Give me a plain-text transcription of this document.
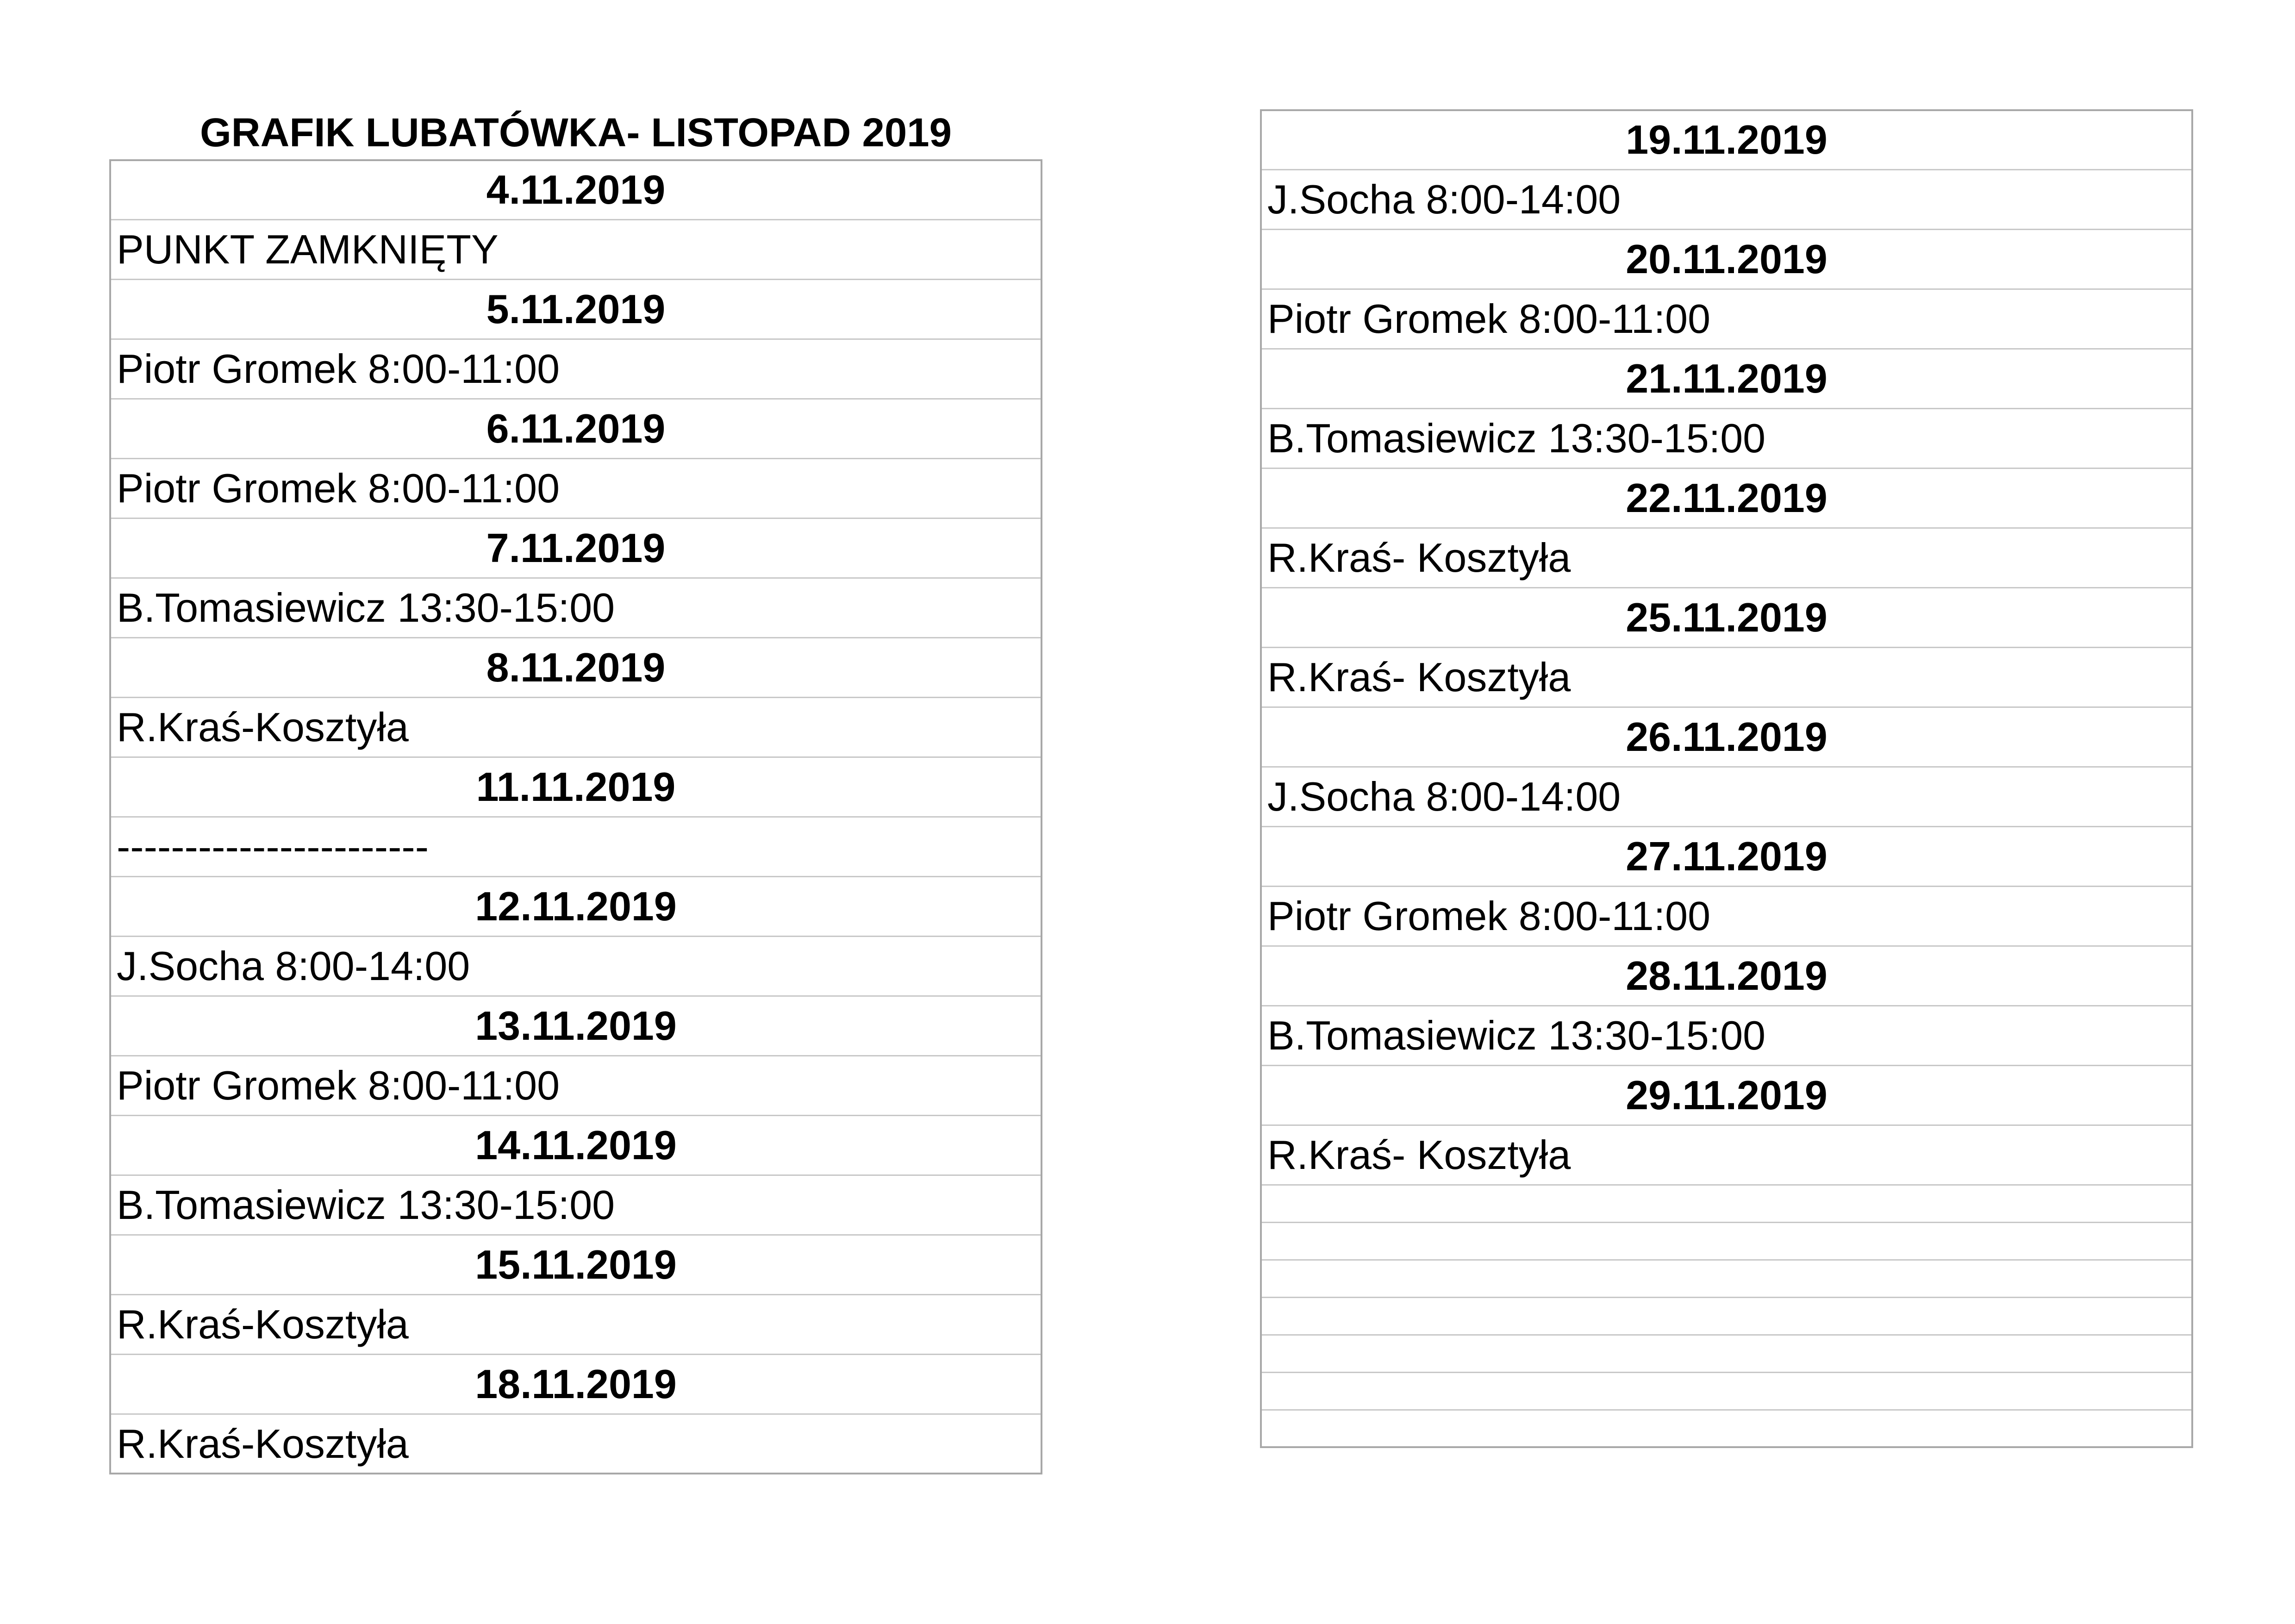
GRAFIK LUBATÓWKA- LISTOPAD 2019
4.11.2019
PUNKT ZAMKNIĘTY
5.11.2019
Piotr Gromek 8:00-11:00
6.11.2019
Piotr Gromek 8:00-11:00
7.11.2019
B.Tomasiewicz 13:30-15:00
8.11.2019
R.Kraś-Kosztyła
11.11.2019
-----------------------
12.11.2019
J.Socha 8:00-14:00
13.11.2019
Piotr Gromek 8:00-11:00
14.11.2019
B.Tomasiewicz 13:30-15:00
15.11.2019
R.Kraś-Kosztyła
18.11.2019
R.Kraś-Kosztyła
19.11.2019
J.Socha 8:00-14:00
20.11.2019
Piotr Gromek 8:00-11:00
21.11.2019
B.Tomasiewicz 13:30-15:00
22.11.2019
R.Kraś- Kosztyła
25.11.2019
R.Kraś- Kosztyła
26.11.2019
J.Socha 8:00-14:00
27.11.2019
Piotr Gromek 8:00-11:00
28.11.2019
B.Tomasiewicz 13:30-15:00
29.11.2019
R.Kraś- Kosztyła
